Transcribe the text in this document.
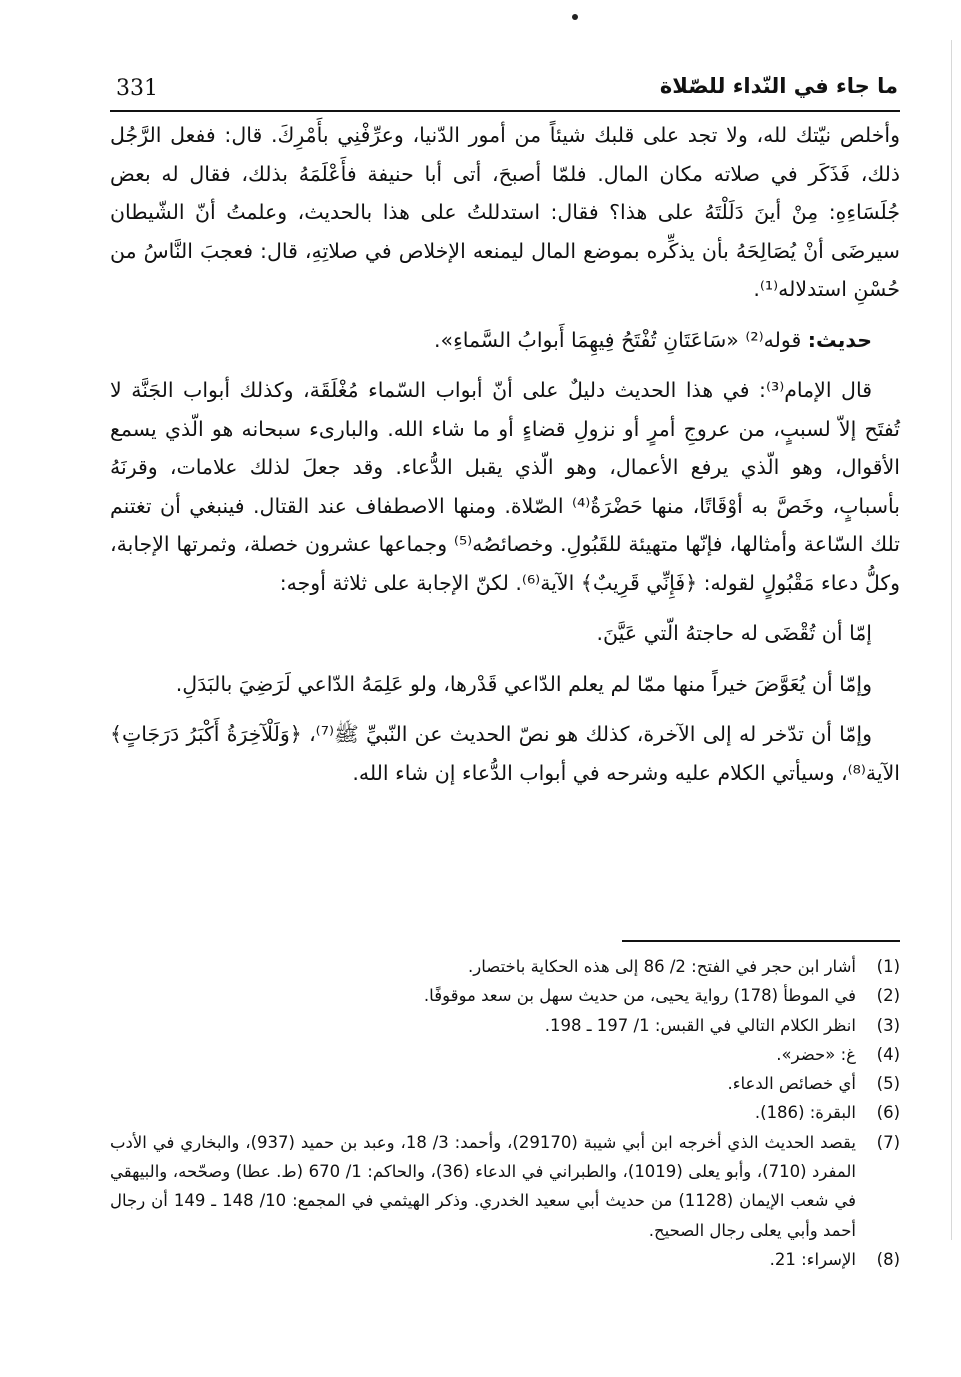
331	ما جاء في النّداء للصّلاة

وأخلص نيّتك لله، ولا تجد على قلبك شيئاً من أمور الدّنيا، وعرِّفْنِي بأَمْرِكَ. قال: ففعل الرَّجُل ذلك، فَذَكَر في صلاته مكان المال. فلمّا أصبحَ، أتى أبا حنيفة فأَعْلَمَهُ بذلك، فقال له بعض جُلَسَاءِهِ: مِنْ أينَ دَلَلْتَهُ على هذا؟ فقال: استدللتُ على هذا بالحديث، وعلمتُ أنّ الشّيطان سيرضَى أنْ يُصَالِحَهُ بأن يذكِّره بموضع المال ليمنعه الإخلاص في صلاتِهِ، قال: فعجبَ النَّاسُ من حُسْنِ استدلاله⁽¹⁾.

حديث: قوله⁽²⁾ «سَاعَتَانِ تُفْتَحُ فِيهِمَا أَبوابُ السَّماءِ».

قال الإمام⁽³⁾: في هذا الحديث دليلٌ على أنّ أبواب السّماء مُغْلَقَة، وكذلك أبواب الجَنَّة لا تُفتَح إلاّ لسببٍ، من عروجِ أمرٍ أو نزولِ قضاءٍ أو ما شاء الله. والبارىء سبحانه هو الّذي يسمع الأقوال، وهو الّذي يرفع الأعمال، وهو الّذي يقبل الدُّعاء. وقد جعلَ لذلك علامات، وقرنَهُ بأسبابٍ، وخَصَّ به أوْقَاتًا، منها حَضْرَةُ⁽⁴⁾ الصّلاة. ومنها الاصطفاف عند القتال. فينبغي أن تغتنم تلك السّاعة وأمثالها، فإنّها متهيئة للقَبُولِ. وخصائصُه⁽⁵⁾ وجماعها عشرون خصلة، وثمرتها الإجابة، وكلُّ دعاء مَقْبُولٍ لقوله: ﴿فَإِنِّي قَرِيبٌ﴾ الآية⁽⁶⁾. لكنّ الإجابة على ثلاثة أوجه:

إمّا أن تُقْضَى له حاجتهُ الّتي عَيَّنَ.

وإمّا أن يُعَوَّضَ خيراً منها ممّا لم يعلم الدّاعي قَدْرها، ولو عَلِمَهُ الدّاعي لَرَضِيَ بالبَدَلِ.

وإمّا أن تدّخر له إلى الآخرة، كذلك هو نصّ الحديث عن النّبيِّ ﷺ⁽⁷⁾، ﴿وَلَلْآخِرَةُ أَكْبَرُ دَرَجَاتٍ﴾ الآية⁽⁸⁾، وسيأتي الكلام عليه وشرحه في أبواب الدُّعاء إن شاء الله.

(1)
أشار ابن حجر في الفتح: 2/ 86 إلى هذه الحكاية باختصار.
(2)
في الموطأ (178) رواية يحيى، من حديث سهل بن سعد موقوفًا.
(3)
انظر الكلام التالي في القبس: 1/ 197 ـ 198.
(4)
غ: «حضر».
(5)
أي خصائص الدعاء.
(6)
البقرة: (186).
(7)
يقصد الحديث الذي أخرجه ابن أبي شيبة (29170)، وأحمد: 3/ 18، وعبد بن حميد (937)، والبخاري في الأدب المفرد (710)، وأبو يعلى (1019)، والطبراني في الدعاء (36)، والحاكم: 1/ 670 (ط. عطا) وصحّحه، والبيهقي في شعب الإيمان (1128) من حديث أبي سعيد الخدري. وذكر الهيثمي في المجمع: 10/ 148 ـ 149 أن رجال أحمد وأبي يعلى رجال الصحيح.
(8)
الإسراء: 21.
